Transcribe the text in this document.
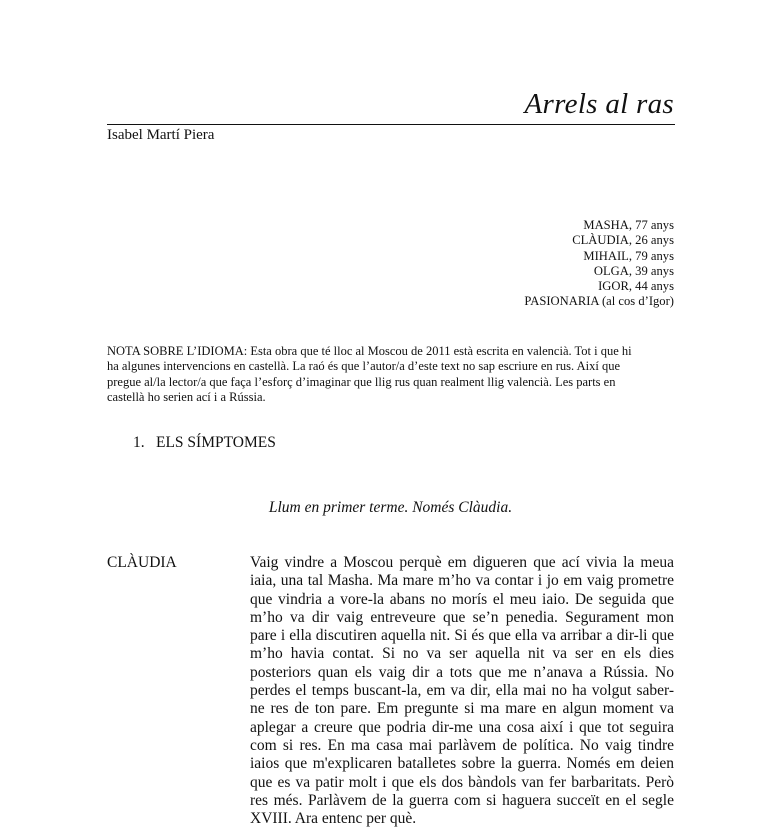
Arrels al ras
Isabel Martí Piera
MASHA, 77 anys
CLÀUDIA, 26 anys
MIHAIL, 79 anys
OLGA, 39 anys
IGOR, 44 anys
PASIONARIA (al cos d’Igor)
NOTA SOBRE L’IDIOMA: Esta obra que té lloc al Moscou de 2011 està escrita en valencià. Tot i que hi
ha algunes intervencions en castellà. La raó és que l’autor/a d’este text no sap escriure en rus. Així que
pregue al/la lector/a que faça l’esforç d’imaginar que llig rus quan realment llig valencià. Les parts en
castellà ho serien ací i a Rússia.
1. ELS SÍMPTOMES
Llum en primer terme. Només Clàudia.
CLÀUDIA	Vaig vindre a Moscou perquè em digueren que ací vivia la meua
iaia, una tal Masha. Ma mare m’ho va contar i jo em vaig prometre
que vindria a vore-la abans no morís el meu iaio. De seguida que
m’ho va dir vaig entreveure que se’n penedia. Segurament mon
pare i ella discutiren aquella nit. Si és que ella va arribar a dir-li que
m’ho havia contat. Si no va ser aquella nit va ser en els dies
posteriors quan els vaig dir a tots que me n’anava a Rússia. No
perdes el temps buscant-la, em va dir, ella mai no ha volgut saber-
ne res de ton pare. Em pregunte si ma mare en algun moment va
aplegar a creure que podria dir-me una cosa així i que tot seguira
com si res. En ma casa mai parlàvem de política. No vaig tindre
iaios que m'explicaren batalletes sobre la guerra. Només em deien
que es va patir molt i que els dos bàndols van fer barbaritats. Però
res més. Parlàvem de la guerra com si haguera succeït en el segle
XVIII. Ara entenc per què.
